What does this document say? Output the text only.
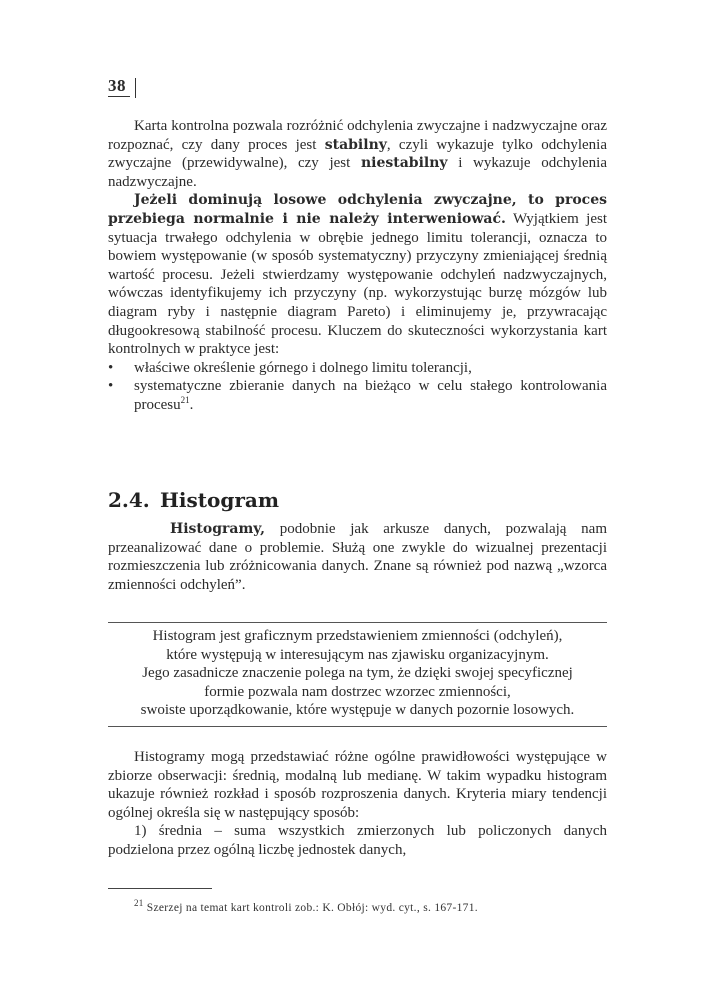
38

Karta kontrolna pozwala rozróżnić odchylenia zwyczajne i nadzwyczajne oraz rozpoznać, czy dany proces jest stabilny, czyli wykazuje tylko odchylenia zwyczajne (przewidywalne), czy jest niestabilny i wykazuje odchylenia nadzwyczajne.

Jeżeli dominują losowe odchylenia zwyczajne, to proces przebiega normalnie i nie należy interweniować. Wyjątkiem jest sytuacja trwałego odchylenia w obrębie jednego limitu tolerancji, oznacza to bowiem występowanie (w sposób systematyczny) przyczyny zmieniającej średnią wartość procesu. Jeżeli stwierdzamy występowanie odchyleń nadzwyczajnych, wówczas identyfikujemy ich przyczyny (np. wykorzystując burzę mózgów lub diagram ryby i następnie diagram Pareto) i eliminujemy je, przywracając długookresową stabilność procesu. Kluczem do skuteczności wykorzystania kart kontrolnych w praktyce jest:

• właściwe określenie górnego i dolnego limitu tolerancji,
• systematyczne zbieranie danych na bieżąco w celu stałego kontrolowania procesu$^{21}$.
2.4. Histogram

Histogramy, podobnie jak arkusze danych, pozwalają nam przeanalizować dane o problemie. Służą one zwykle do wizualnej prezentacji rozmieszczenia lub zróżnicowania danych. Znane są również pod nazwą „wzorca zmienności odchyleń”.

Histogram jest graficznym przedstawieniem zmienności (odchyleń),
które występują w interesującym nas zjawisku organizacyjnym.
Jego zasadnicze znaczenie polega na tym, że dzięki swojej specyficznej
formie pozwala nam dostrzec wzorzec zmienności,
swoiste uporządkowanie, które występuje w danych pozornie losowych.

Histogramy mogą przedstawiać różne ogólne prawidłowości występujące w zbiorze obserwacji: średnią, modalną lub medianę. W takim wypadku histogram ukazuje również rozkład i sposób rozproszenia danych. Kryteria miary tendencji ogólnej określa się w następujący sposób:

1) średnia – suma wszystkich zmierzonych lub policzonych danych podzielona przez ogólną liczbę jednostek danych,

$^{21}$ Szerzej na temat kart kontroli zob.: K. Obłój: wyd. cyt., s. 167-171.
